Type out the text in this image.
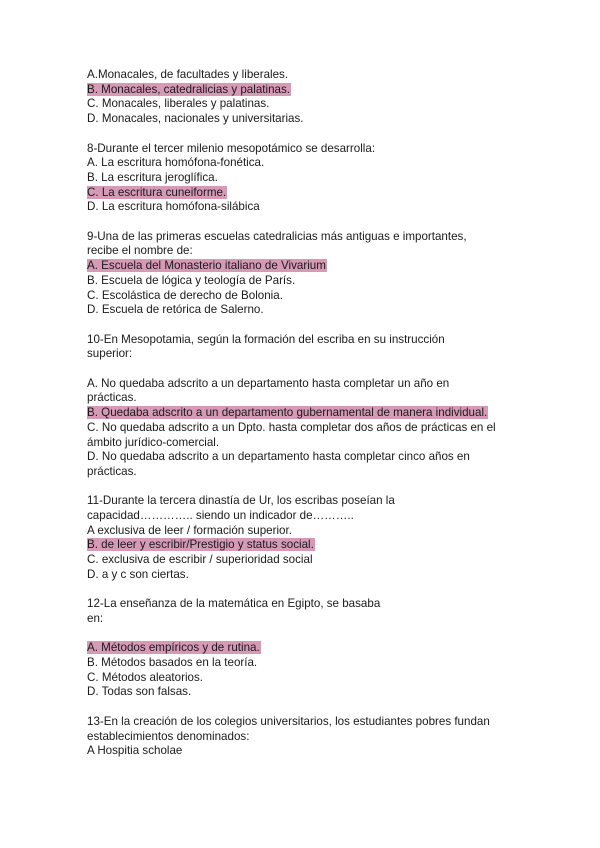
A.Monacales, de facultades y liberales.
B. Monacales, catedralicias y palatinas.
C. Monacales, liberales y palatinas.
D. Monacales, nacionales y universitarias.
8-Durante el tercer milenio mesopotámico se desarrolla:
A. La escritura homófona-fonética.
B. La escritura jeroglífica.
C. La escritura cuneiforme.
D. La escritura homófona-silábica
9-Una de las primeras escuelas catedralicias más antiguas e importantes,
recibe el nombre de:
A. Escuela del Monasterio italiano de Vivarium
B. Escuela de lógica y teología de París.
C. Escolástica de derecho de Bolonia.
D. Escuela de retórica de Salerno.
10-En Mesopotamia, según la formación del escriba en su instrucción
superior:
A. No quedaba adscrito a un departamento hasta completar un año en
prácticas.
B. Quedaba adscrito a un departamento gubernamental de manera individual.
C. No quedaba adscrito a un Dpto. hasta completar dos años de prácticas en el
ámbito jurídico-comercial.
D. No quedaba adscrito a un departamento hasta completar cinco años en
prácticas.
11-Durante la tercera dinastía de Ur, los escribas poseían la
capacidad………….. siendo un indicador de………..
A exclusiva de leer / formación superior.
B. de leer y escribir/Prestigio y status social.
C. exclusiva de escribir / superioridad social
D. a y c son ciertas.
12-La enseñanza de la matemática en Egipto, se basaba
en:
A. Métodos empíricos y de rutina.
B. Métodos basados en la teoría.
C. Métodos aleatorios.
D. Todas son falsas.
13-En la creación de los colegios universitarios, los estudiantes pobres fundan
establecimientos denominados:
A Hospitia scholae
